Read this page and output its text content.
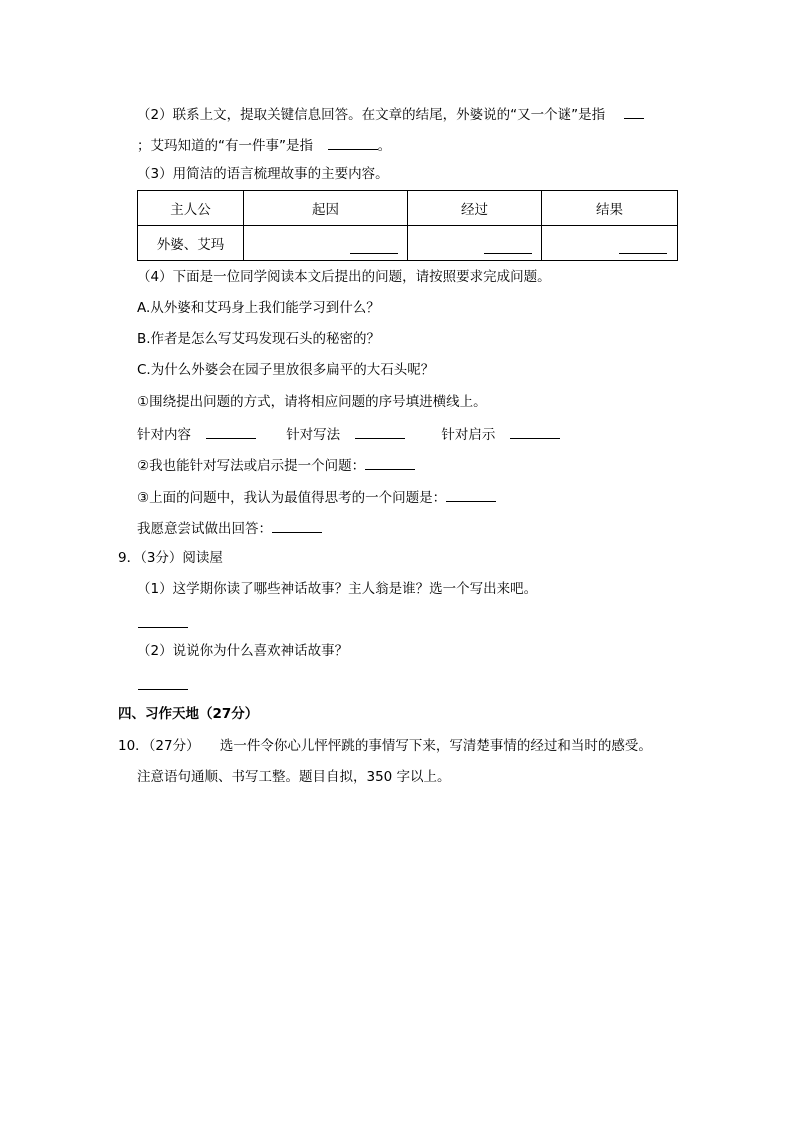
（2）联系上文，提取关键信息回答。在文章的结尾，外婆说的“又一个谜”是指
；艾玛知道的“有一件事”是指	。
（3）用简洁的语言梳理故事的主要内容。
主人公	起因	经过	结果
外婆、艾玛			
（4）下面是一位同学阅读本文后提出的问题，请按照要求完成问题。
A.从外婆和艾玛身上我们能学习到什么？
B.作者是怎么写艾玛发现石头的秘密的？
C.为什么外婆会在园子里放很多扁平的大石头呢？
①围绕提出问题的方式，请将相应问题的序号填进横线上。
针对内容	针对写法	针对启示
②我也能针对写法或启示提一个问题：
③上面的问题中，我认为最值得思考的一个问题是：
我愿意尝试做出回答：
9．（3分）阅读屋
（1）这学期你读了哪些神话故事？主人翁是谁？选一个写出来吧。
（2）说说你为什么喜欢神话故事？
四、习作天地（27分）
10．（27分）　　选一件令你心儿怦怦跳的事情写下来，写清楚事情的经过和当时的感受。
注意语句通顺、书写工整。题目自拟，350 字以上。
